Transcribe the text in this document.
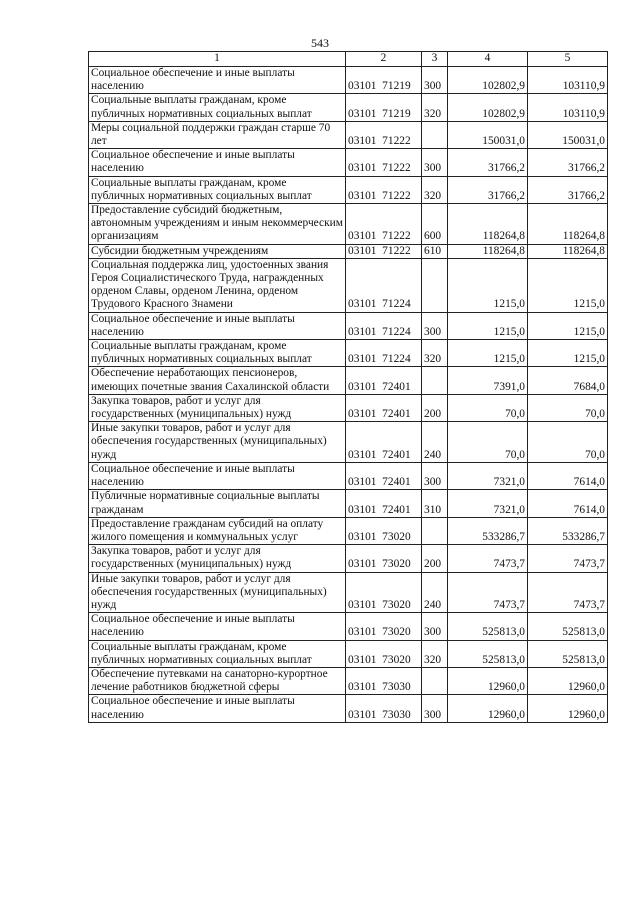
543
1	2	3	4	5
Социальное обеспечение и иные выплаты населению	03101  71219	300	102802,9	103110,9
Социальные выплаты гражданам, кроме публичных нормативных социальных выплат	03101  71219	320	102802,9	103110,9
Меры социальной поддержки граждан старше 70 лет	03101  71222		150031,0	150031,0
Социальное обеспечение и иные выплаты населению	03101  71222	300	31766,2	31766,2
Социальные выплаты гражданам, кроме публичных нормативных социальных выплат	03101  71222	320	31766,2	31766,2
Предоставление субсидий бюджетным, автономным учреждениям и иным некоммерческим организациям	03101  71222	600	118264,8	118264,8
Субсидии бюджетным учреждениям	03101  71222	610	118264,8	118264,8
Социальная поддержка лиц, удостоенных звания Героя Социалистического Труда, награжденных орденом Славы, орденом Ленина, орденом Трудового Красного Знамени	03101  71224		1215,0	1215,0
Социальное обеспечение и иные выплаты населению	03101  71224	300	1215,0	1215,0
Социальные выплаты гражданам, кроме публичных нормативных социальных выплат	03101  71224	320	1215,0	1215,0
Обеспечение неработающих пенсионеров, имеющих почетные звания Сахалинской области	03101  72401		7391,0	7684,0
Закупка товаров, работ и услуг для государственных (муниципальных) нужд	03101  72401	200	70,0	70,0
Иные закупки товаров, работ и услуг для обеспечения государственных (муниципальных) нужд	03101  72401	240	70,0	70,0
Социальное обеспечение и иные выплаты населению	03101  72401	300	7321,0	7614,0
Публичные нормативные социальные выплаты гражданам	03101  72401	310	7321,0	7614,0
Предоставление гражданам субсидий на оплату жилого помещения и коммунальных услуг	03101  73020		533286,7	533286,7
Закупка товаров, работ и услуг для государственных (муниципальных) нужд	03101  73020	200	7473,7	7473,7
Иные закупки товаров, работ и услуг для обеспечения государственных (муниципальных) нужд	03101  73020	240	7473,7	7473,7
Социальное обеспечение и иные выплаты населению	03101  73020	300	525813,0	525813,0
Социальные выплаты гражданам, кроме публичных нормативных социальных выплат	03101  73020	320	525813,0	525813,0
Обеспечение путевками на санаторно-курортное лечение работников бюджетной сферы	03101  73030		12960,0	12960,0
Социальное обеспечение и иные выплаты населению	03101  73030	300	12960,0	12960,0
